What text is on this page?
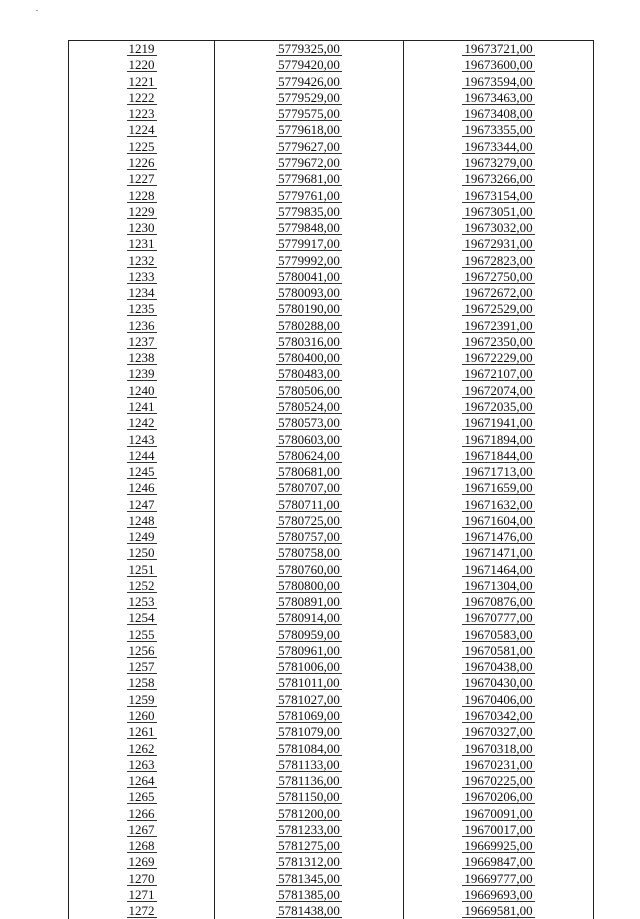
1219	5779325,00	19673721,00
1220	5779420,00	19673600,00
1221	5779426,00	19673594,00
1222	5779529,00	19673463,00
1223	5779575,00	19673408,00
1224	5779618,00	19673355,00
1225	5779627,00	19673344,00
1226	5779672,00	19673279,00
1227	5779681,00	19673266,00
1228	5779761,00	19673154,00
1229	5779835,00	19673051,00
1230	5779848,00	19673032,00
1231	5779917,00	19672931,00
1232	5779992,00	19672823,00
1233	5780041,00	19672750,00
1234	5780093,00	19672672,00
1235	5780190,00	19672529,00
1236	5780288,00	19672391,00
1237	5780316,00	19672350,00
1238	5780400,00	19672229,00
1239	5780483,00	19672107,00
1240	5780506,00	19672074,00
1241	5780524,00	19672035,00
1242	5780573,00	19671941,00
1243	5780603,00	19671894,00
1244	5780624,00	19671844,00
1245	5780681,00	19671713,00
1246	5780707,00	19671659,00
1247	5780711,00	19671632,00
1248	5780725,00	19671604,00
1249	5780757,00	19671476,00
1250	5780758,00	19671471,00
1251	5780760,00	19671464,00
1252	5780800,00	19671304,00
1253	5780891,00	19670876,00
1254	5780914,00	19670777,00
1255	5780959,00	19670583,00
1256	5780961,00	19670581,00
1257	5781006,00	19670438,00
1258	5781011,00	19670430,00
1259	5781027,00	19670406,00
1260	5781069,00	19670342,00
1261	5781079,00	19670327,00
1262	5781084,00	19670318,00
1263	5781133,00	19670231,00
1264	5781136,00	19670225,00
1265	5781150,00	19670206,00
1266	5781200,00	19670091,00
1267	5781233,00	19670017,00
1268	5781275,00	19669925,00
1269	5781312,00	19669847,00
1270	5781345,00	19669777,00
1271	5781385,00	19669693,00
1272	5781438,00	19669581,00
